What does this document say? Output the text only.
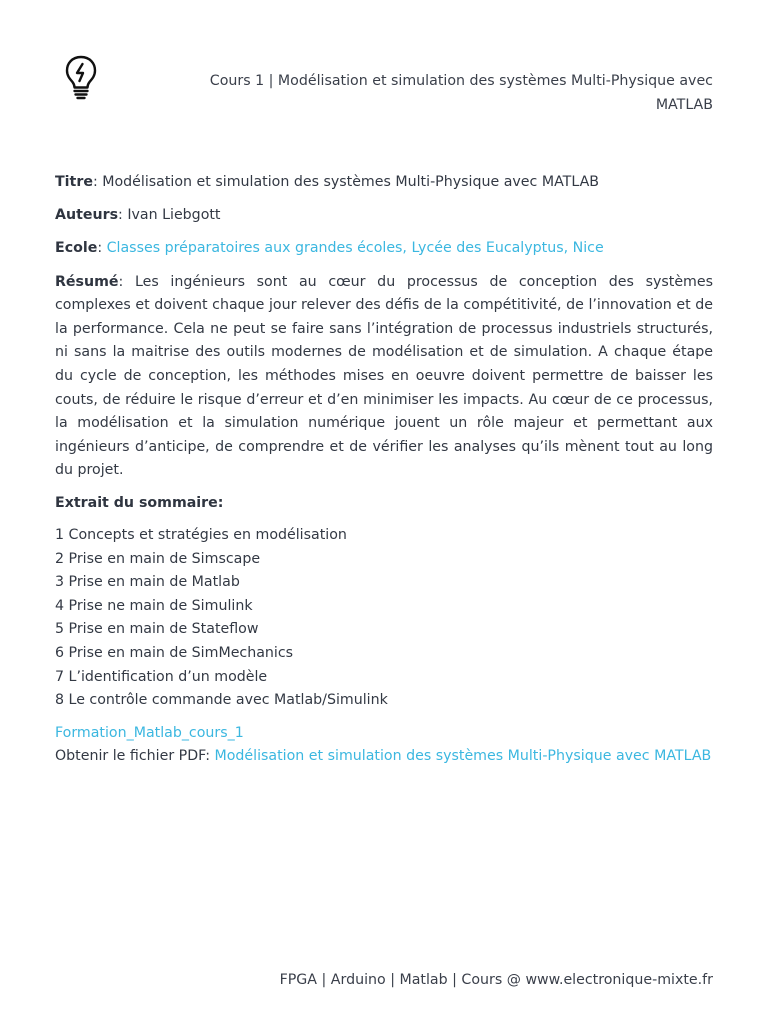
Cours 1 | Modélisation et simulation des systèmes Multi-Physique avec MATLAB

Titre: Modélisation et simulation des systèmes Multi-Physique avec MATLAB

Auteurs: Ivan Liebgott

Ecole: Classes préparatoires aux grandes écoles, Lycée des Eucalyptus, Nice

Résumé: Les ingénieurs sont au cœur du processus de conception des systèmes complexes et doivent chaque jour relever des défis de la compétitivité, de l’innovation et de la performance. Cela ne peut se faire sans l’intégration de processus industriels structurés, ni sans la maitrise des outils modernes de modélisation et de simulation. A chaque étape du cycle de conception, les méthodes mises en oeuvre doivent permettre de baisser les couts, de réduire le risque d’erreur et d’en minimiser les impacts. Au cœur de ce processus, la modélisation et la simulation numérique jouent un rôle majeur et permettant aux ingénieurs d’anticipe, de comprendre et de vérifier les analyses qu’ils mènent tout au long du projet.

Extrait du sommaire:

1 Concepts et stratégies en modélisation
2 Prise en main de Simscape
3 Prise en main de Matlab
4 Prise ne main de Simulink
5 Prise en main de Stateflow
6 Prise en main de SimMechanics
7 L’identification d’un modèle
8 Le contrôle commande avec Matlab/Simulink

Formation_Matlab_cours_1

Obtenir le fichier PDF: Modélisation et simulation des systèmes Multi-Physique avec MATLAB

FPGA | Arduino | Matlab | Cours @ www.electronique-mixte.fr
